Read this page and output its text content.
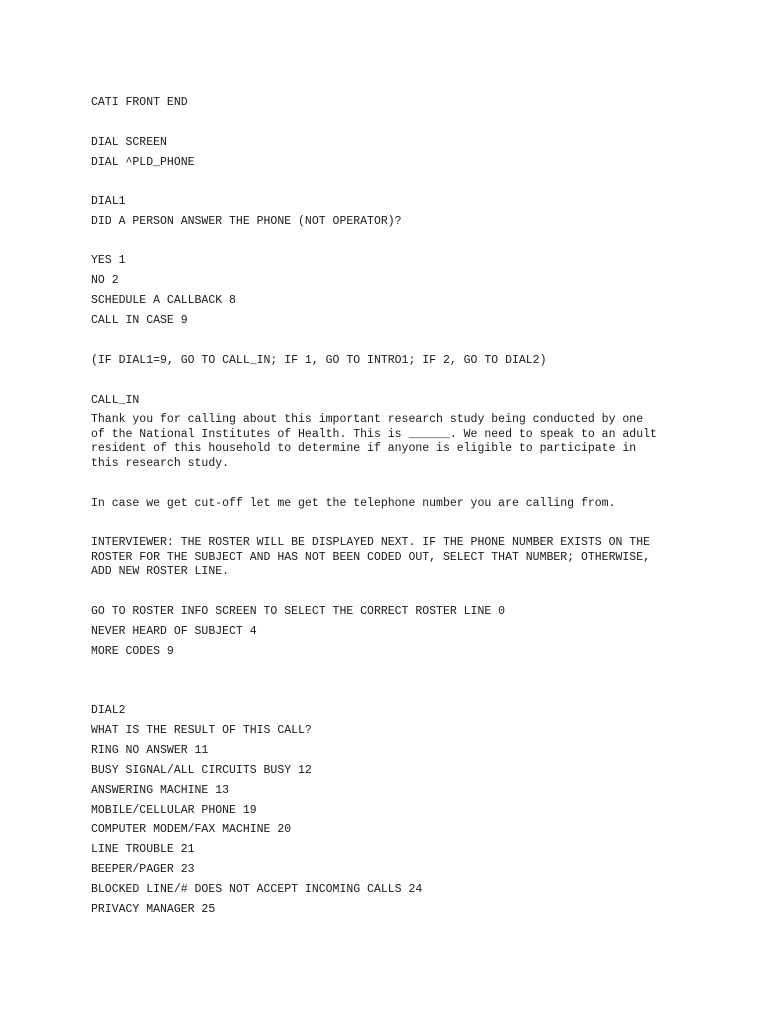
CATI FRONT END
DIAL SCREEN
DIAL ^PLD_PHONE
DIAL1
DID A PERSON ANSWER THE PHONE (NOT OPERATOR)?
YES 1
NO 2
SCHEDULE A CALLBACK 8
CALL IN CASE 9
(IF DIAL1=9, GO TO CALL_IN; IF 1, GO TO INTRO1; IF 2, GO TO DIAL2)
CALL_IN
Thank you for calling about this important research study being conducted by one
of the National Institutes of Health. This is ______. We need to speak to an adult
resident of this household to determine if anyone is eligible to participate in
this research study.
In case we get cut-off let me get the telephone number you are calling from.
INTERVIEWER: THE ROSTER WILL BE DISPLAYED NEXT. IF THE PHONE NUMBER EXISTS ON THE
ROSTER FOR THE SUBJECT AND HAS NOT BEEN CODED OUT, SELECT THAT NUMBER; OTHERWISE,
ADD NEW ROSTER LINE.
GO TO ROSTER INFO SCREEN TO SELECT THE CORRECT ROSTER LINE 0
NEVER HEARD OF SUBJECT 4
MORE CODES 9
DIAL2
WHAT IS THE RESULT OF THIS CALL?
RING NO ANSWER 11
BUSY SIGNAL/ALL CIRCUITS BUSY 12
ANSWERING MACHINE 13
MOBILE/CELLULAR PHONE 19
COMPUTER MODEM/FAX MACHINE 20
LINE TROUBLE 21
BEEPER/PAGER 23
BLOCKED LINE/# DOES NOT ACCEPT INCOMING CALLS 24
PRIVACY MANAGER 25
